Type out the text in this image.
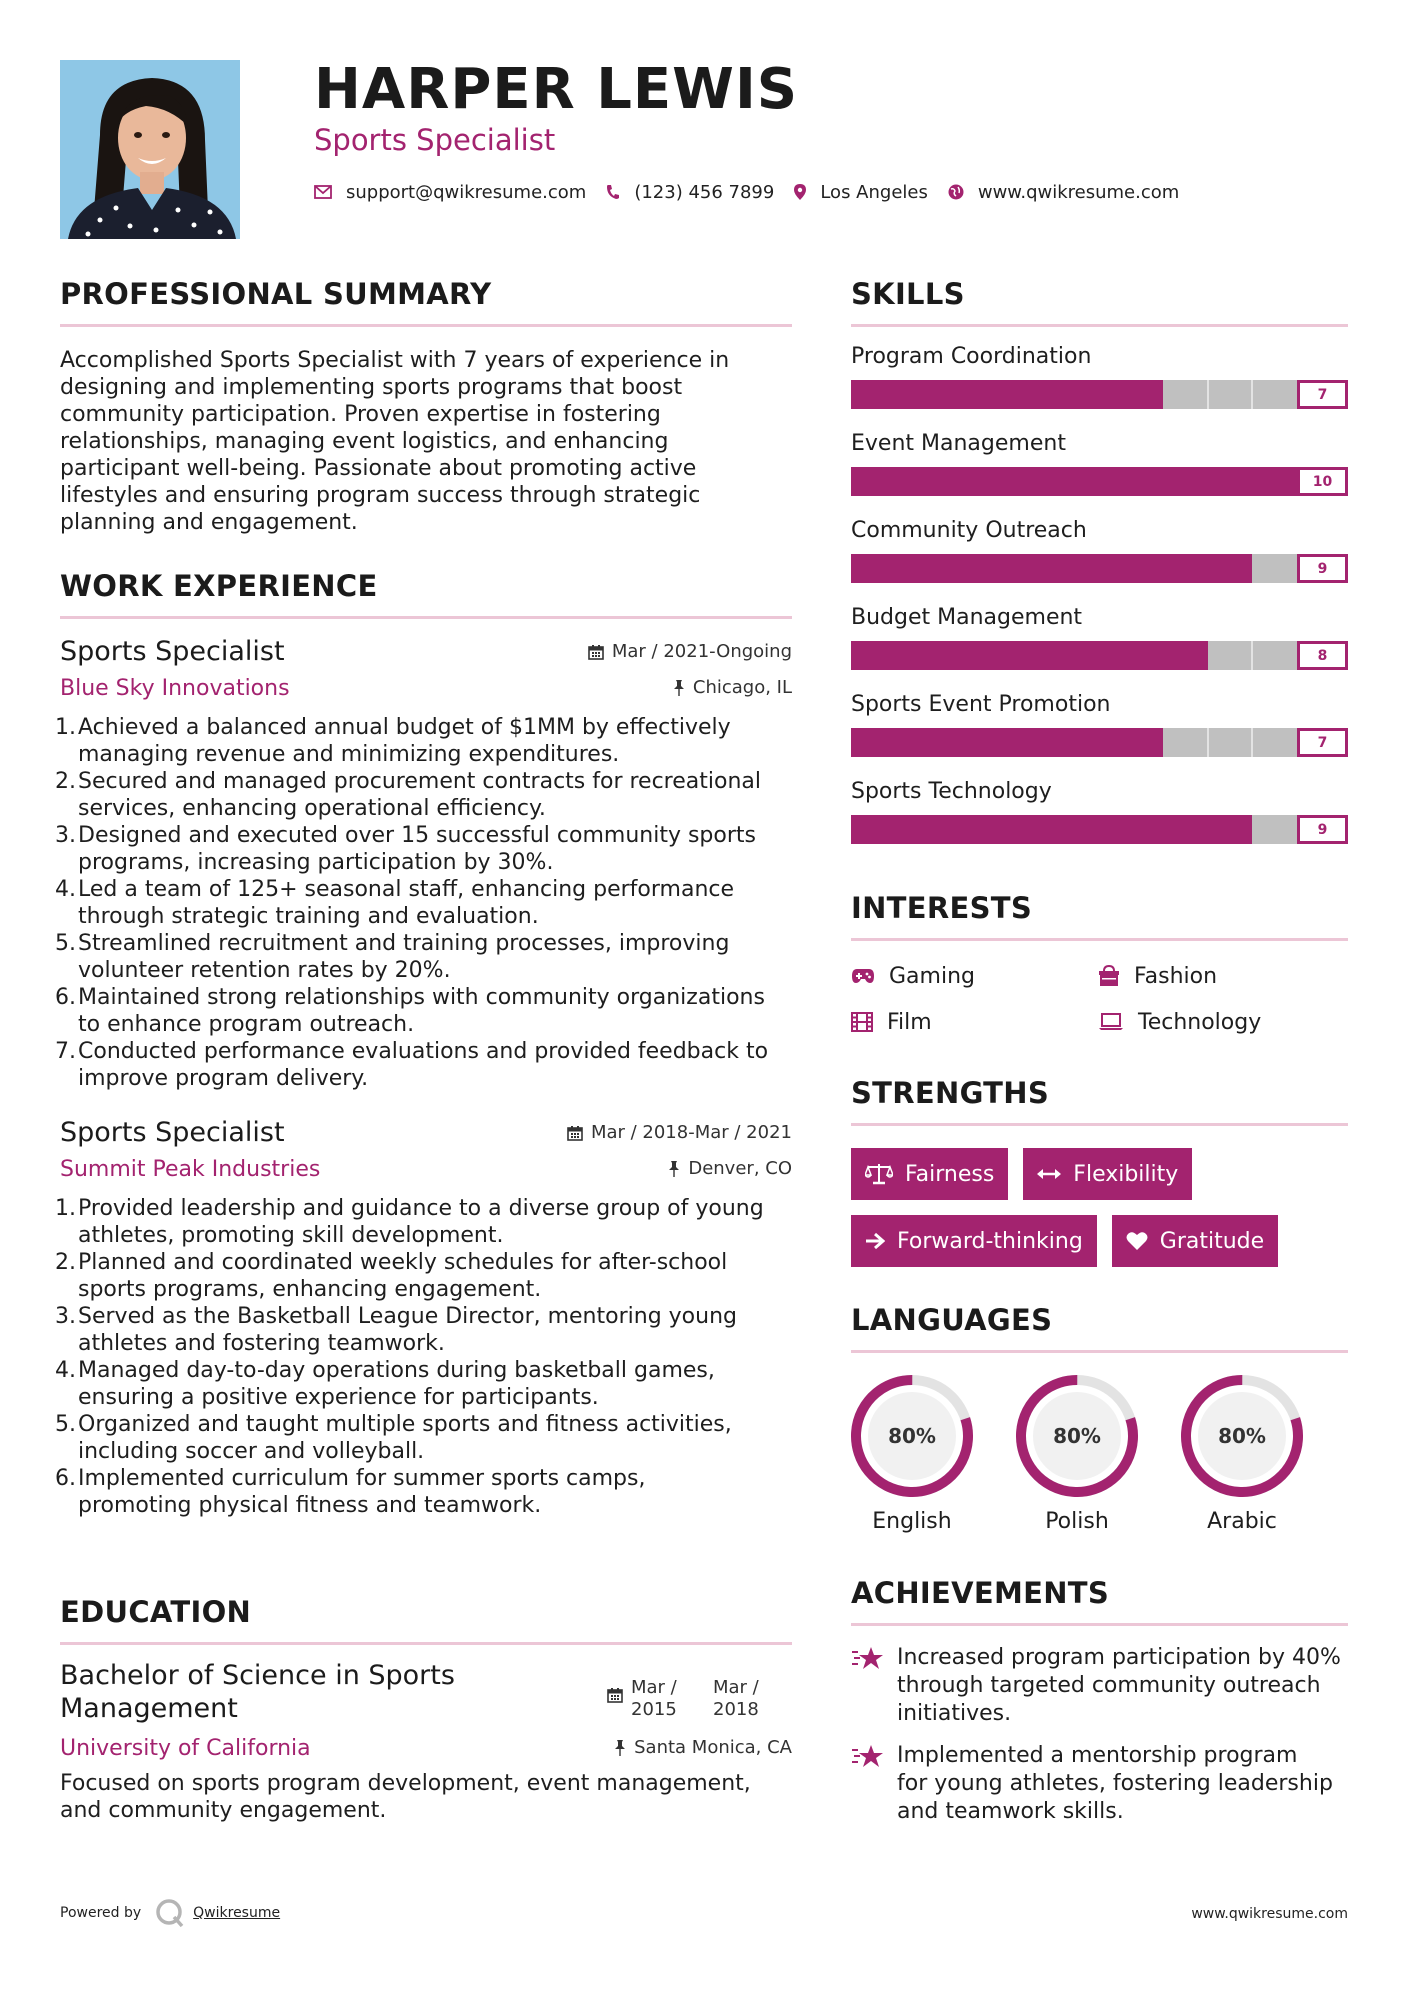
HARPER LEWIS
Sports Specialist
support@qwikresume.com	(123) 456 7899	Los Angeles	www.qwikresume.com
PROFESSIONAL SUMMARY
Accomplished Sports Specialist with 7 years of experience in
designing and implementing sports programs that boost
community participation. Proven expertise in fostering
relationships, managing event logistics, and enhancing
participant well-being. Passionate about promoting active
lifestyles and ensuring program success through strategic
planning and engagement.
WORK EXPERIENCE
Sports Specialist
Blue Sky Innovations
Mar / 2021-Ongoing
Chicago, IL
1. Achieved a balanced annual budget of $1MM by effectively
managing revenue and minimizing expenditures.
2. Secured and managed procurement contracts for recreational
services, enhancing operational efficiency.
3. Designed and executed over 15 successful community sports
programs, increasing participation by 30%.
4. Led a team of 125+ seasonal staff, enhancing performance
through strategic training and evaluation.
5. Streamlined recruitment and training processes, improving
volunteer retention rates by 20%.
6. Maintained strong relationships with community organizations
to enhance program outreach.
7. Conducted performance evaluations and provided feedback to
improve program delivery.
Sports Specialist
Summit Peak Industries
Mar / 2018-Mar / 2021
Denver, CO
1. Provided leadership and guidance to a diverse group of young
athletes, promoting skill development.
2. Planned and coordinated weekly schedules for after-school
sports programs, enhancing engagement.
3. Served as the Basketball League Director, mentoring young
athletes and fostering teamwork.
4. Managed day-to-day operations during basketball games,
ensuring a positive experience for participants.
5. Organized and taught multiple sports and fitness activities,
including soccer and volleyball.
6. Implemented curriculum for summer sports camps,
promoting physical fitness and teamwork.
EDUCATION
Bachelor of Science in Sports
Management
Mar /
2015
Mar /
2018
University of California	Santa Monica, CA
Focused on sports program development, event management,
and community engagement.
SKILLS
Program Coordination
7
Event Management
10
Community Outreach
9
Budget Management
8
Sports Event Promotion
7
Sports Technology
9
INTERESTS
Gaming	Fashion
Film	Technology
STRENGTHS
Fairness	Flexibility
Forward-thinking	Gratitude
LANGUAGES
80%
English
80%
Polish
80%
Arabic
ACHIEVEMENTS
Increased program participation by 40%
through targeted community outreach
initiatives.
Implemented a mentorship program
for young athletes, fostering leadership
and teamwork skills.
Powered by	Qwikresume	www.qwikresume.com
